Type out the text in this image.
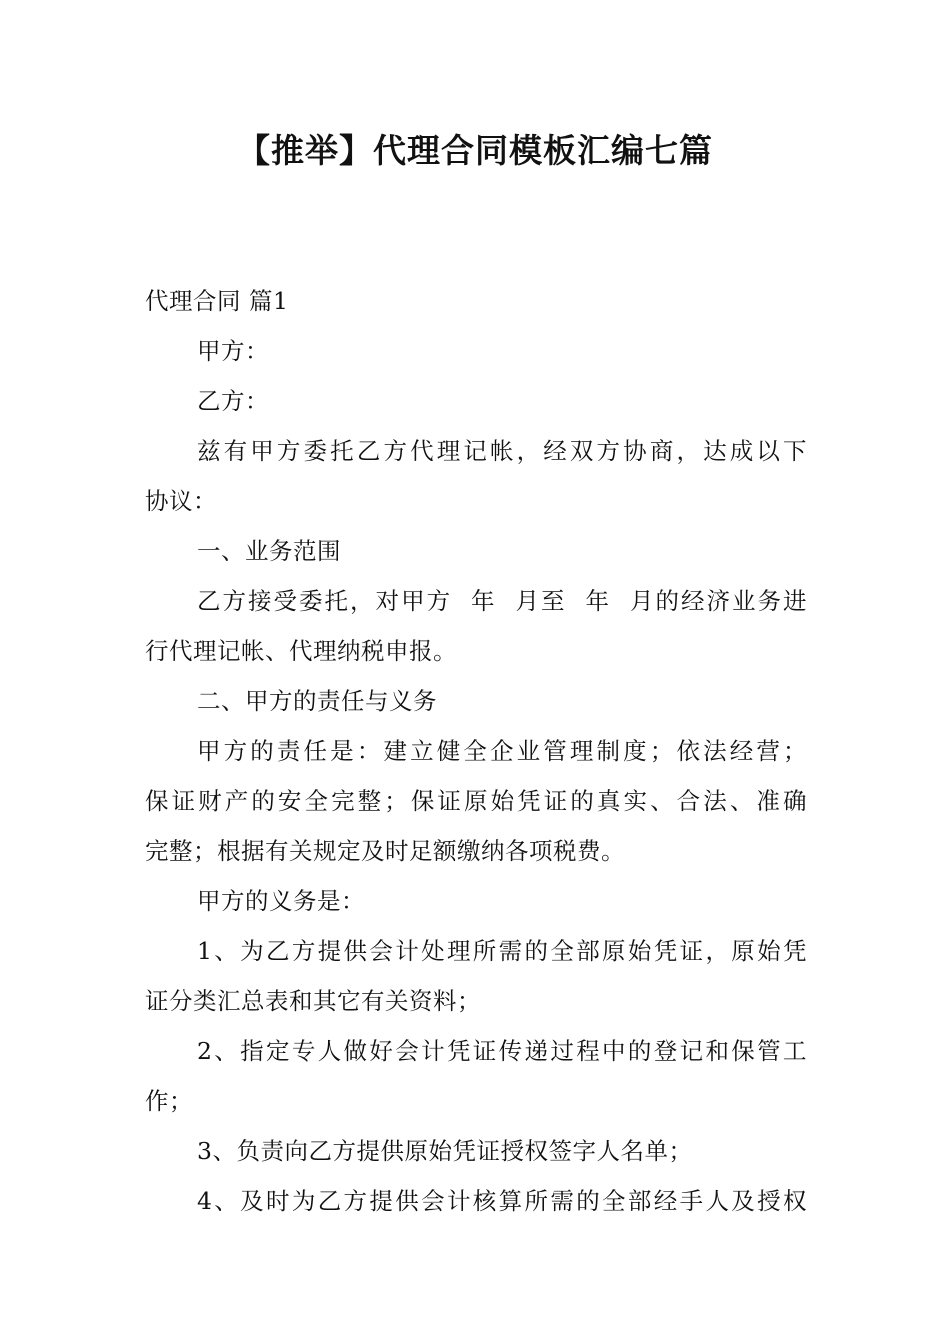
【推举】代理合同模板汇编七篇
代理合同 篇1
甲方：
乙方：
兹有甲方委托乙方代理记帐，经双方协商，达成以下
协议：
一、业务范围
乙方接受委托，对甲方  年  月至  年  月的经济业务进
行代理记帐、代理纳税申报。
二、甲方的责任与义务
甲方的责任是：建立健全企业管理制度；依法经营；
保证财产的安全完整；保证原始凭证的真实、合法、准确
完整；根据有关规定及时足额缴纳各项税费。
甲方的义务是：
1、为乙方提供会计处理所需的全部原始凭证，原始凭
证分类汇总表和其它有关资料；
2、指定专人做好会计凭证传递过程中的登记和保管工
作；
3、负责向乙方提供原始凭证授权签字人名单；
4、及时为乙方提供会计核算所需的全部经手人及授权
